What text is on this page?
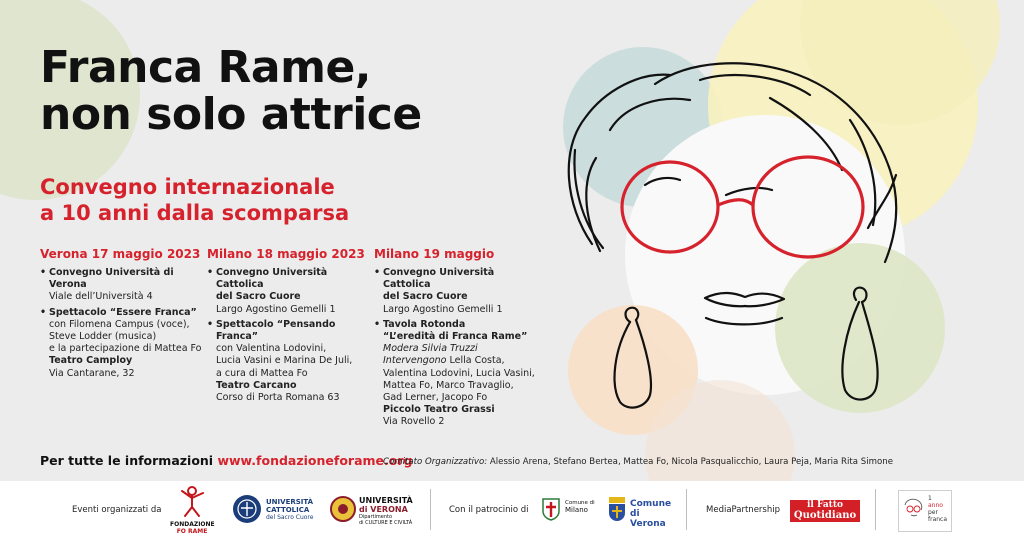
Franca Rame,
non solo attrice
Convegno internazionale
a 10 anni dalla scomparsa
Verona 17 maggio 2023
• Convegno Università di Verona
Viale dell’Università 4
• Spettacolo “Essere Franca”
con Filomena Campus (voce),
Steve Lodder (musica)
e la partecipazione di Mattea Fo
Teatro Camploy
Via Cantarane, 32
Milano 18 maggio 2023
• Convegno Università Cattolica
del Sacro Cuore
Largo Agostino Gemelli 1
• Spettacolo “Pensando Franca”
con Valentina Lodovini,
Lucia Vasini e Marina De Juli,
a cura di Mattea Fo
Teatro Carcano
Corso di Porta Romana 63
Milano 19 maggio
• Convegno Università Cattolica
del Sacro Cuore
Largo Agostino Gemelli 1
• Tavola Rotonda
“L’eredità di Franca Rame”
Modera Silvia Truzzi
Intervengono Lella Costa,
Valentina Lodovini, Lucia Vasini,
Mattea Fo, Marco Travaglio,
Gad Lerner, Jacopo Fo
Piccolo Teatro Grassi
Via Rovello 2
Per tutte le informazioni www.fondazioneforame.org
Comitato Organizzativo: Alessio Arena, Stefano Bertea, Mattea Fo, Nicola Pasqualicchio, Laura Peja, Maria Rita Simone
Eventi organizzati da
FONDAZIONE
FO RAME
UNIVERSITÀ
CATTOLICA
del Sacro Cuore
UNIVERSITÀ
di VERONA
Dipartimento
di CULTURE E CIVILTÀ
Con il patrocinio di
Comune di
Milano
Comune
di Verona
MediaPartnership	il Fatto
Quotidiano
1
anno
per
franca
